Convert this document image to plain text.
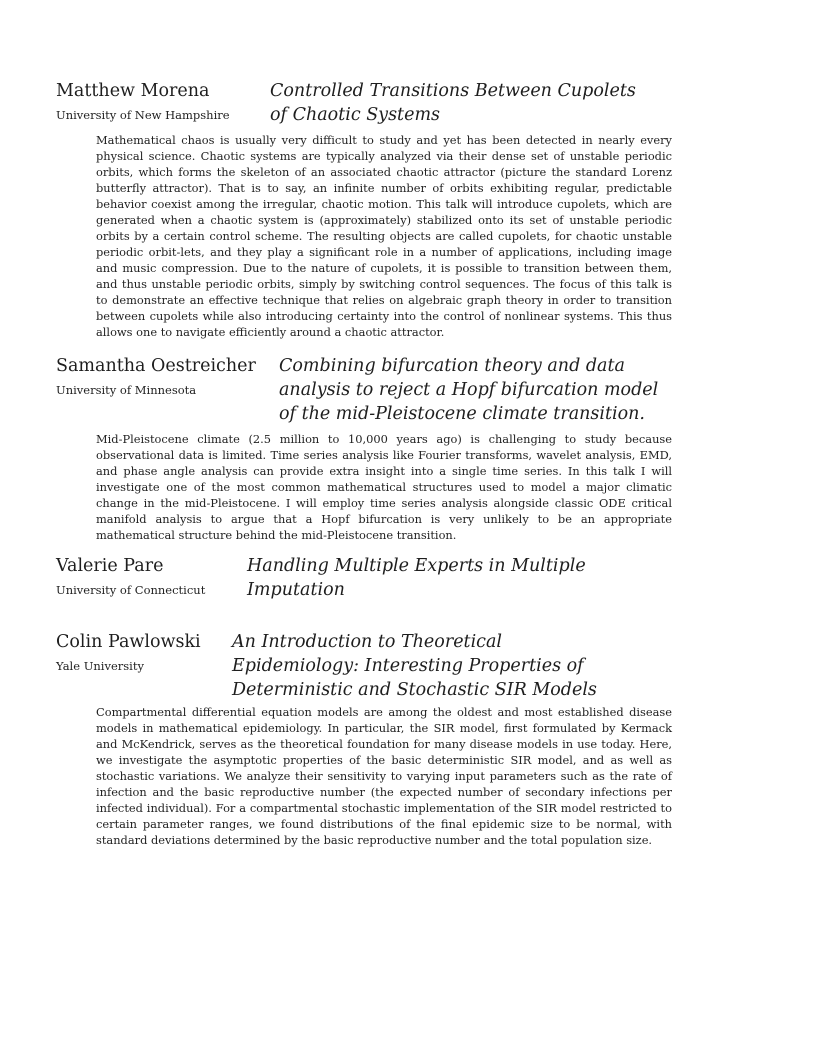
Matthew Morena
University of New Hampshire
Controlled Transitions Between Cupolets
of Chaotic Systems
Mathematical chaos is usually very difficult to study and yet has been detected in nearly every physical science. Chaotic systems are typically analyzed via their dense set of unstable periodic orbits, which forms the skeleton of an associated chaotic attractor (picture the standard Lorenz butterfly attractor). That is to say, an infinite number of orbits exhibiting regular, predictable behavior coexist among the irregular, chaotic motion. This talk will introduce cupolets, which are generated when a chaotic system is (approximately) stabilized onto its set of unstable periodic orbits by a certain control scheme. The resulting objects are called cupolets, for chaotic unstable periodic orbit-lets, and they play a significant role in a number of applications, including image and music compression. Due to the nature of cupolets, it is possible to transition between them, and thus unstable periodic orbits, simply by switching control sequences. The focus of this talk is to demonstrate an effective technique that relies on algebraic graph theory in order to transition between cupolets while also introducing certainty into the control of nonlinear systems. This thus allows one to navigate efficiently around a chaotic attractor.
Samantha Oestreicher
University of Minnesota
Combining bifurcation theory and data
analysis to reject a Hopf bifurcation model
of the mid-Pleistocene climate transition.
Mid-Pleistocene climate (2.5 million to 10,000 years ago) is challenging to study because observational data is limited. Time series analysis like Fourier transforms, wavelet analysis, EMD, and phase angle analysis can provide extra insight into a single time series. In this talk I will investigate one of the most common mathematical structures used to model a major climatic change in the mid-Pleistocene. I will employ time series analysis alongside classic ODE critical manifold analysis to argue that a Hopf bifurcation is very unlikely to be an appropriate mathematical structure behind the mid-Pleistocene transition.
Valerie Pare
University of Connecticut
Handling Multiple Experts in Multiple
Imputation
Colin Pawlowski
Yale University
An Introduction to Theoretical
Epidemiology: Interesting Properties of
Deterministic and Stochastic SIR Models
Compartmental differential equation models are among the oldest and most established disease models in mathematical epidemiology. In particular, the SIR model, first formulated by Kermack and McKendrick, serves as the theoretical foundation for many disease models in use today. Here, we investigate the asymptotic properties of the basic deterministic SIR model, and as well as stochastic variations. We analyze their sensitivity to varying input parameters such as the rate of infection and the basic reproductive number (the expected number of secondary infections per infected individual). For a compartmental stochastic implementation of the SIR model restricted to certain parameter ranges, we found distributions of the final epidemic size to be normal, with standard deviations determined by the basic reproductive number and the total population size.
